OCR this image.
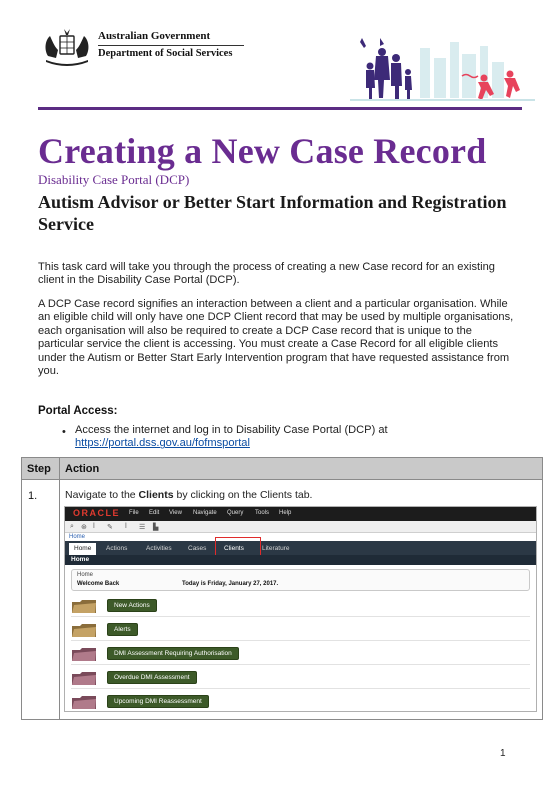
Australian Government
Department of Social Services
Creating a New Case Record
Disability Case Portal (DCP)
Autism Advisor or Better Start Information and Registration Service

This task card will take you through the process of creating a new Case record for an existing client in the Disability Case Portal (DCP).

A DCP Case record signifies an interaction between a client and a particular organisation. While an eligible child will only have one DCP Client record that may be used by multiple organisations, each organisation will also be required to create a DCP Case record that is unique to the particular service the client is accessing. You must create a Case Record for all eligible clients under the Autism or Better Start Early Intervention program that have requested assistance from you.

Portal Access:
• Access the internet and log in to Disability Case Portal (DCP) at
https://portal.dss.gov.au/fofmsportal
Step Action
1.	Navigate to the Clients by clicking on the Clients tab.
ORACLE File Edit View Navigate Query Tools Help
⌕ ⊛ ǀ ✎ ǀ ☰ ▙
Home
Home	Actions	Activities	Cases	Clients	Literature
Home
Home
Welcome Back	Today is Friday, January 27, 2017.
New Actions
Alerts
DMI Assessment Requiring Authorisation
Overdue DMI Assessment
Upcoming DMI Reassessment
1
